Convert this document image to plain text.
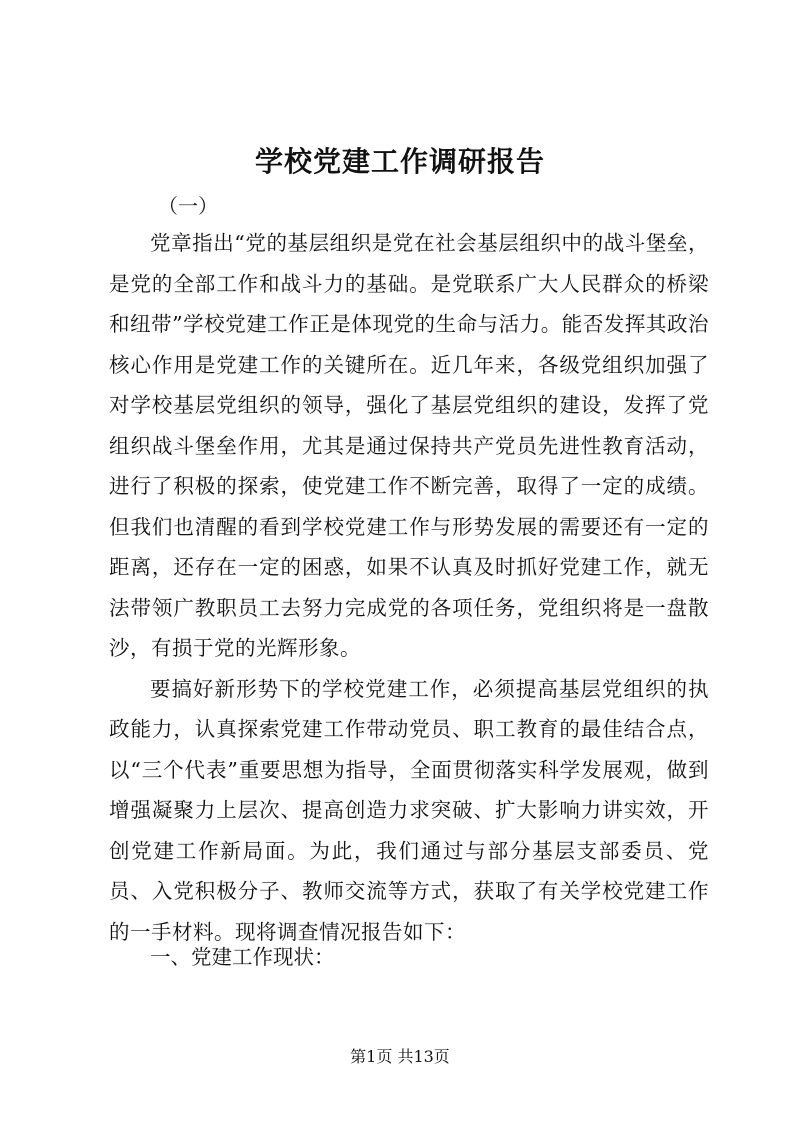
学校党建工作调研报告
（一）

党章指出“党的基层组织是党在社会基层组织中的战斗堡垒，是党的全部工作和战斗力的基础。是党联系广大人民群众的桥梁和纽带”学校党建工作正是体现党的生命与活力。能否发挥其政治核心作用是党建工作的关键所在。近几年来，各级党组织加强了对学校基层党组织的领导，强化了基层党组织的建设，发挥了党组织战斗堡垒作用，尤其是通过保持共产党员先进性教育活动，进行了积极的探索，使党建工作不断完善，取得了一定的成绩。但我们也清醒的看到学校党建工作与形势发展的需要还有一定的距离，还存在一定的困惑，如果不认真及时抓好党建工作，就无法带领广教职员工去努力完成党的各项任务，党组织将是一盘散沙，有损于党的光辉形象。

要搞好新形势下的学校党建工作，必须提高基层党组织的执政能力，认真探索党建工作带动党员、职工教育的最佳结合点，以“三个代表”重要思想为指导，全面贯彻落实科学发展观，做到增强凝聚力上层次、提高创造力求突破、扩大影响力讲实效，开创党建工作新局面。为此，我们通过与部分基层支部委员、党员、入党积极分子、教师交流等方式，获取了有关学校党建工作的一手材料。现将调查情况报告如下：

一、党建工作现状：
第1页 共13页
